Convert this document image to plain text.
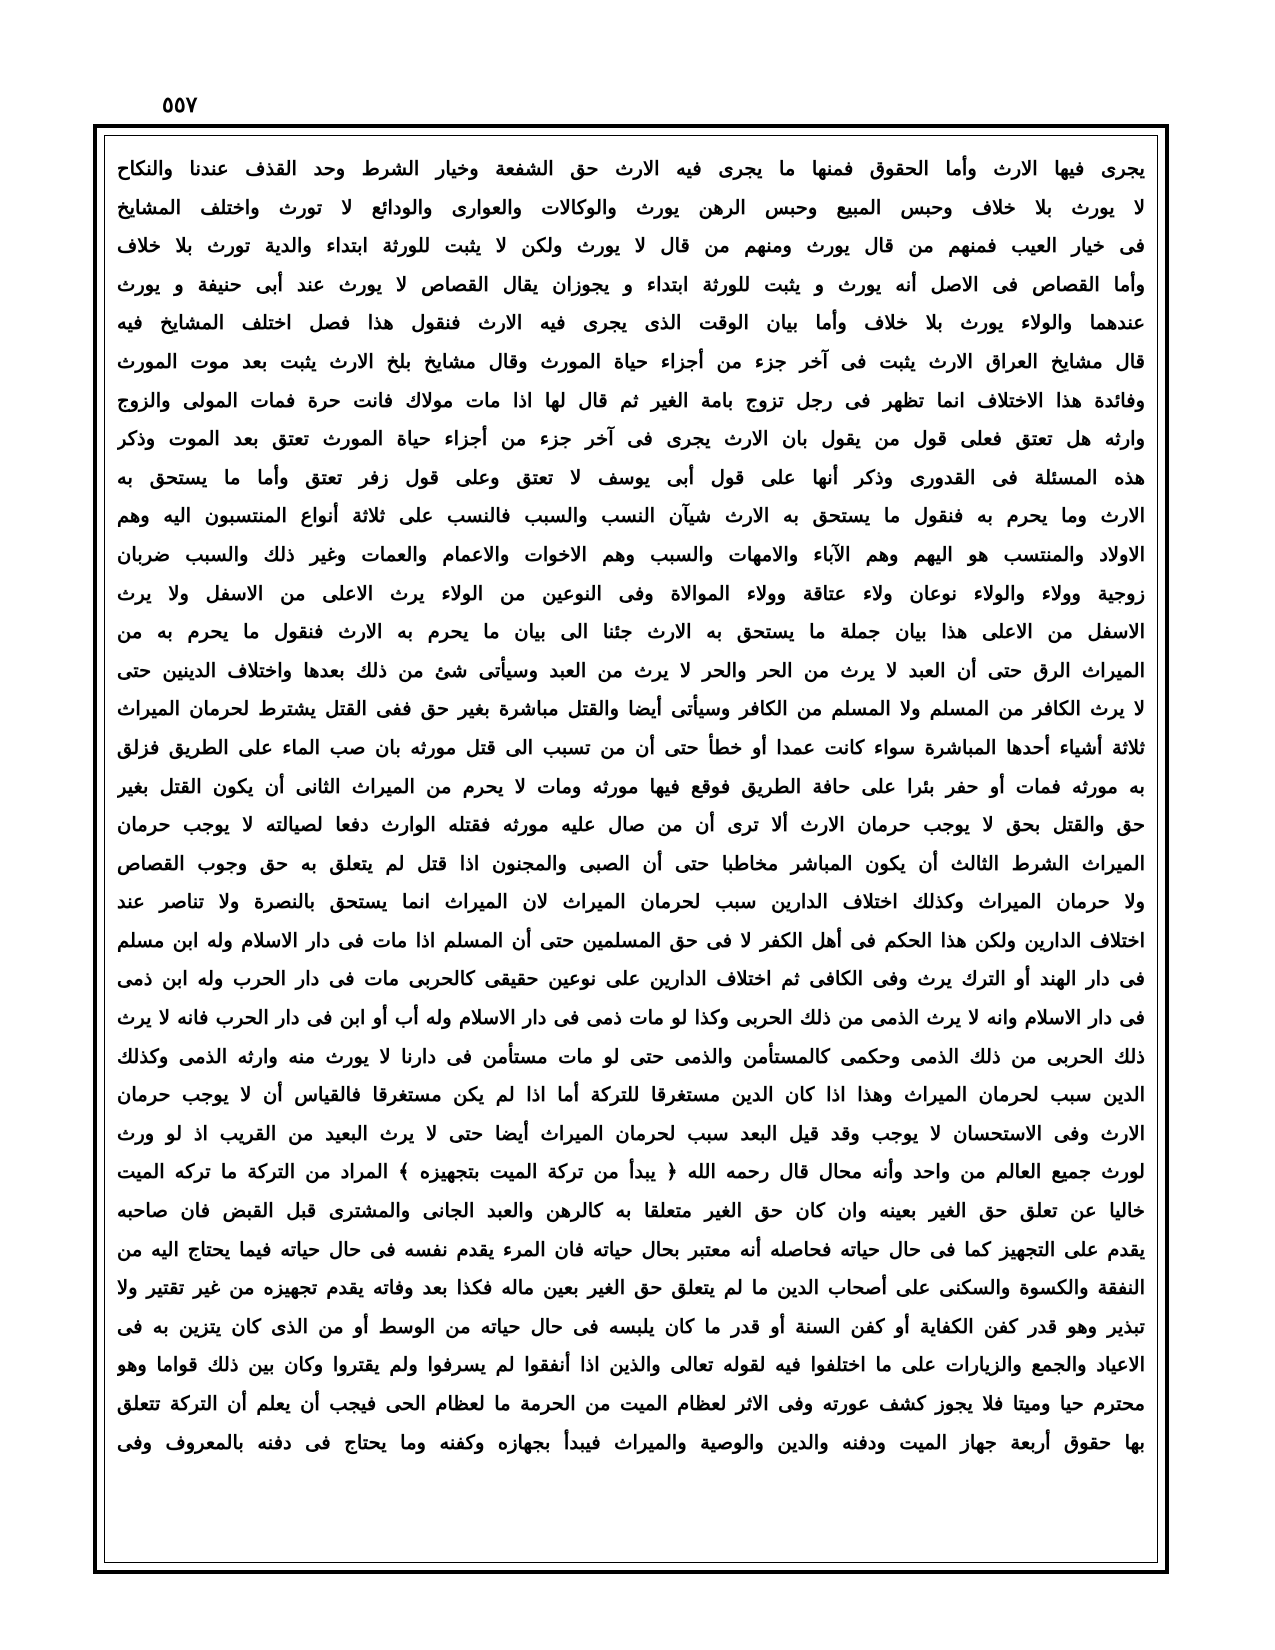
٥٥٧
يجرى فيها الارث وأما الحقوق فمنها ما يجرى فيه الارث حق الشفعة وخيار الشرط وحد القذف عندنا والنكاح
لا يورث بلا خلاف وحبس المبيع وحبس الرهن يورث والوكالات والعوارى والودائع لا تورث واختلف المشايخ
فى خيار العيب فمنهم من قال يورث ومنهم من قال لا يورث ولكن لا يثبت للورثة ابتداء والدية تورث بلا خلاف
وأما القصاص فى الاصل أنه يورث و يثبت للورثة ابتداء و يجوزان يقال القصاص لا يورث عند أبى حنيفة و يورث
عندهما والولاء يورث بلا خلاف وأما بيان الوقت الذى يجرى فيه الارث فنقول هذا فصل اختلف المشايخ فيه
قال مشايخ العراق الارث يثبت فى آخر جزء من أجزاء حياة المورث وقال مشايخ بلخ الارث يثبت بعد موت المورث
وفائدة هذا الاختلاف انما تظهر فى رجل تزوج بامة الغير ثم قال لها اذا مات مولاك فانت حرة فمات المولى والزوج
وارثه هل تعتق فعلى قول من يقول بان الارث يجرى فى آخر جزء من أجزاء حياة المورث تعتق بعد الموت وذكر
هذه المسئلة فى القدورى وذكر أنها على قول أبى يوسف لا تعتق وعلى قول زفر تعتق وأما ما يستحق به
الارث وما يحرم به فنقول ما يستحق به الارث شيآن النسب والسبب فالنسب على ثلاثة أنواع المنتسبون اليه وهم
الاولاد والمنتسب هو اليهم وهم الآباء والامهات والسبب وهم الاخوات والاعمام والعمات وغير ذلك والسبب ضربان
زوجية وولاء والولاء نوعان ولاء عتاقة وولاء الموالاة وفى النوعين من الولاء يرث الاعلى من الاسفل ولا يرث
الاسفل من الاعلى هذا بيان جملة ما يستحق به الارث جئنا الى بيان ما يحرم به الارث فنقول ما يحرم به من
الميراث الرق حتى أن العبد لا يرث من الحر والحر لا يرث من العبد وسيأتى شئ من ذلك بعدها واختلاف الدينين حتى
لا يرث الكافر من المسلم ولا المسلم من الكافر وسيأتى أيضا والقتل مباشرة بغير حق ففى القتل يشترط لحرمان الميراث
ثلاثة أشياء أحدها المباشرة سواء كانت عمدا أو خطأ حتى أن من تسبب الى قتل مورثه بان صب الماء على الطريق فزلق
به مورثه فمات أو حفر بئرا على حافة الطريق فوقع فيها مورثه ومات لا يحرم من الميراث الثانى أن يكون القتل بغير
حق والقتل بحق لا يوجب حرمان الارث ألا ترى أن من صال عليه مورثه فقتله الوارث دفعا لصيالته لا يوجب حرمان
الميراث الشرط الثالث أن يكون المباشر مخاطبا حتى أن الصبى والمجنون اذا قتل لم يتعلق به حق وجوب القصاص
ولا حرمان الميراث وكذلك اختلاف الدارين سبب لحرمان الميراث لان الميراث انما يستحق بالنصرة ولا تناصر عند
اختلاف الدارين ولكن هذا الحكم فى أهل الكفر لا فى حق المسلمين حتى أن المسلم اذا مات فى دار الاسلام وله ابن مسلم
فى دار الهند أو الترك يرث وفى الكافى ثم اختلاف الدارين على نوعين حقيقى كالحربى مات فى دار الحرب وله ابن ذمى
فى دار الاسلام وانه لا يرث الذمى من ذلك الحربى وكذا لو مات ذمى فى دار الاسلام وله أب أو ابن فى دار الحرب فانه لا يرث
ذلك الحربى من ذلك الذمى وحكمى كالمستأمن والذمى حتى لو مات مستأمن فى دارنا لا يورث منه وارثه الذمى وكذلك
الدين سبب لحرمان الميراث وهذا اذا كان الدين مستغرقا للتركة أما اذا لم يكن مستغرقا فالقياس أن لا يوجب حرمان
الارث وفى الاستحسان لا يوجب وقد قيل البعد سبب لحرمان الميراث أيضا حتى لا يرث البعيد من القريب اذ لو ورث
لورث جميع العالم من واحد وأنه محال قال رحمه الله ﴿ يبدأ من تركة الميت بتجهيزه ﴾ المراد من التركة ما تركه الميت
خاليا عن تعلق حق الغير بعينه وان كان حق الغير متعلقا به كالرهن والعبد الجانى والمشترى قبل القبض فان صاحبه
يقدم على التجهيز كما فى حال حياته فحاصله أنه معتبر بحال حياته فان المرء يقدم نفسه فى حال حياته فيما يحتاج اليه من
النفقة والكسوة والسكنى على أصحاب الدين ما لم يتعلق حق الغير بعين ماله فكذا بعد وفاته يقدم تجهيزه من غير تقتير ولا
تبذير وهو قدر كفن الكفاية أو كفن السنة أو قدر ما كان يلبسه فى حال حياته من الوسط أو من الذى كان يتزين به فى
الاعياد والجمع والزيارات على ما اختلفوا فيه لقوله تعالى والذين اذا أنفقوا لم يسرفوا ولم يقتروا وكان بين ذلك قواما وهو
محترم حيا وميتا فلا يجوز كشف عورته وفى الاثر لعظام الميت من الحرمة ما لعظام الحى فيجب أن يعلم أن التركة تتعلق
بها حقوق أربعة جهاز الميت ودفنه والدين والوصية والميراث فيبدأ بجهازه وكفنه وما يحتاج فى دفنه بالمعروف وفى
